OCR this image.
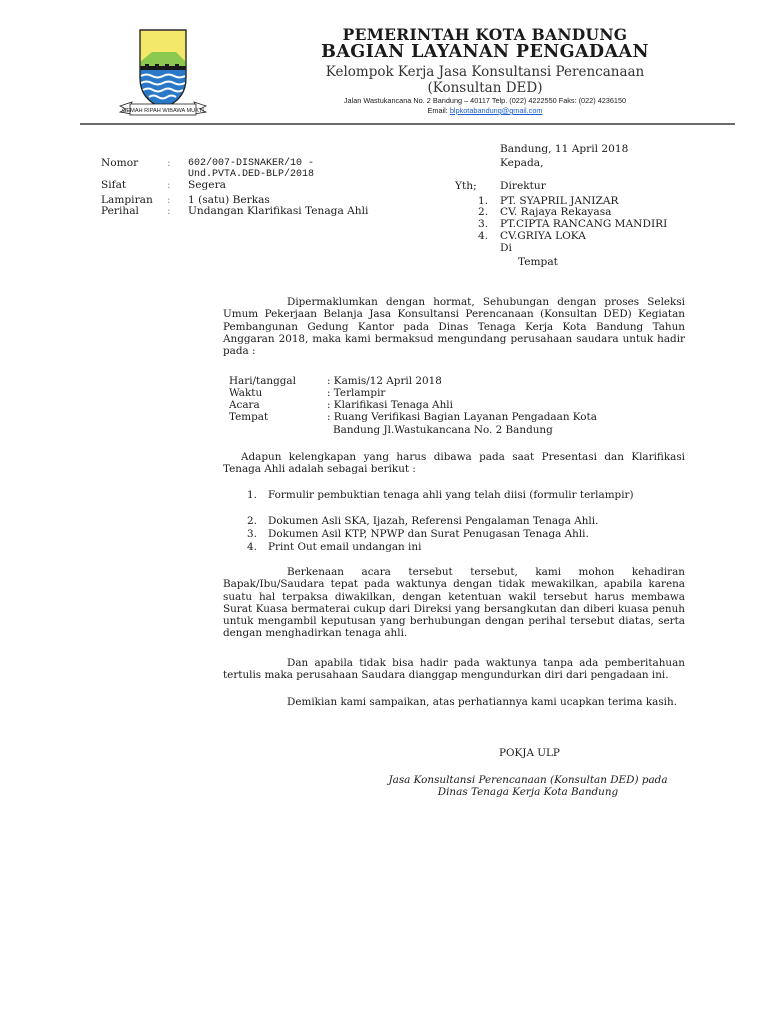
GEMAH RIPAH WIBAWA MUKTI
PEMERINTAH KOTA BANDUNG
BAGIAN LAYANAN PENGADAAN
Kelompok Kerja Jasa Konsultansi Perencanaan
(Konsultan DED)
Jalan Wastukancana No. 2 Bandung – 40117 Telp. (022) 4222550 Faks: (022) 4236150
Email: blpkotabandung@gmail.com
Nomor	: 602/007-DISNAKER/10 -
Und.PVTA.DED-BLP/2018
Sifat	: Segera
Lampiran : 1 (satu) Berkas
Perihal	: Undangan Klarifikasi Tenaga Ahli
Bandung, 11 April 2018
Kepada,
Yth; Direktur
1. PT. SYAPRIL JANIZAR
2. CV. Rajaya Rekayasa
3. PT.CIPTA RANCANG MANDIRI
4. CV.GRIYA LOKA
Di
Tempat
Dipermaklumkan dengan hormat, Sehubungan dengan proses Seleksi Umum Pekerjaan Belanja Jasa Konsultansi Perencanaan (Konsultan DED) Kegiatan Pembangunan Gedung Kantor pada Dinas Tenaga Kerja Kota Bandung Tahun Anggaran 2018, maka kami bermaksud mengundang perusahaan saudara untuk hadir pada :
Hari/tanggal	: Kamis/12 April 2018
Waktu	: Terlampir
Acara	: Klarifikasi Tenaga Ahli
Tempat	: Ruang Verifikasi Bagian Layanan Pengadaan Kota
Bandung Jl.Wastukancana No. 2 Bandung
Adapun kelengkapan yang harus dibawa pada saat Presentasi dan Klarifikasi Tenaga Ahli adalah sebagai berikut :
1. Formulir pembuktian tenaga ahli yang telah diisi (formulir terlampir)
2. Dokumen Asli SKA, Ijazah, Referensi Pengalaman Tenaga Ahli.
3. Dokumen Asil KTP, NPWP dan Surat Penugasan Tenaga Ahli.
4. Print Out email undangan ini
Berkenaan acara tersebut tersebut, kami mohon kehadiran Bapak/Ibu/Saudara tepat pada waktunya dengan tidak mewakilkan, apabila karena suatu hal terpaksa diwakilkan, dengan ketentuan wakil tersebut harus membawa Surat Kuasa bermaterai cukup dari Direksi yang bersangkutan dan diberi kuasa penuh untuk mengambil keputusan yang berhubungan dengan perihal tersebut diatas, serta dengan menghadirkan tenaga ahli.
Dan apabila tidak bisa hadir pada waktunya tanpa ada pemberitahuan tertulis maka perusahaan Saudara dianggap mengundurkan diri dari pengadaan ini.
Demikian kami sampaikan, atas perhatiannya kami ucapkan terima kasih.
POKJA ULP
Jasa Konsultansi Perencanaan (Konsultan DED) pada
Dinas Tenaga Kerja Kota Bandung
